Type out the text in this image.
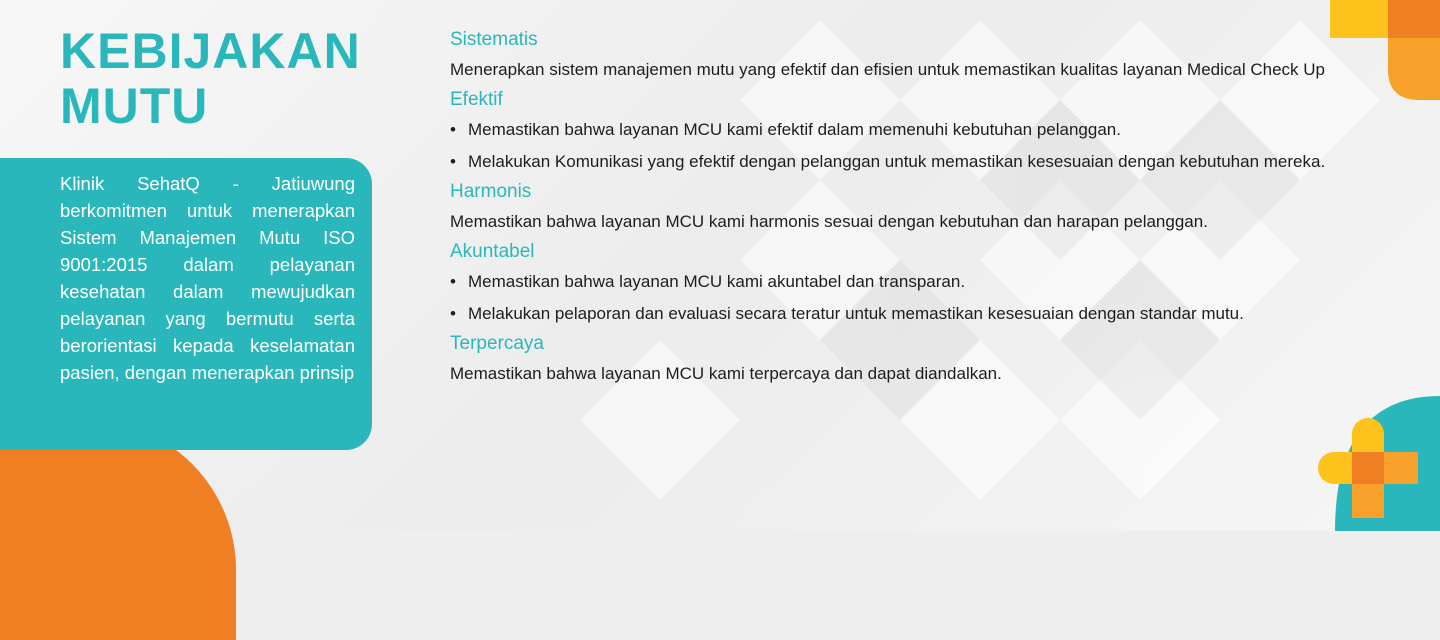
KEBIJAKAN
MUTU

Klinik SehatQ - Jatiuwung berkomitmen untuk menerapkan Sistem Manajemen Mutu ISO 9001:2015 dalam pelayanan kesehatan dalam mewujudkan pelayanan yang bermutu serta berorientasi kepada keselamatan pasien, dengan menerapkan prinsip

Sistematis

Menerapkan sistem manajemen mutu yang efektif dan efisien untuk memastikan kualitas layanan Medical Check Up

Efektif
• Memastikan bahwa layanan MCU kami efektif dalam memenuhi kebutuhan pelanggan.
• Melakukan Komunikasi yang efektif dengan pelanggan untuk memastikan kesesuaian dengan kebutuhan mereka.
Harmonis

Memastikan bahwa layanan MCU kami harmonis sesuai dengan kebutuhan dan harapan pelanggan.

Akuntabel
• Memastikan bahwa layanan MCU kami akuntabel dan transparan.
• Melakukan pelaporan dan evaluasi secara teratur untuk memastikan kesesuaian dengan standar mutu.
Terpercaya

Memastikan bahwa layanan MCU kami terpercaya dan dapat diandalkan.
